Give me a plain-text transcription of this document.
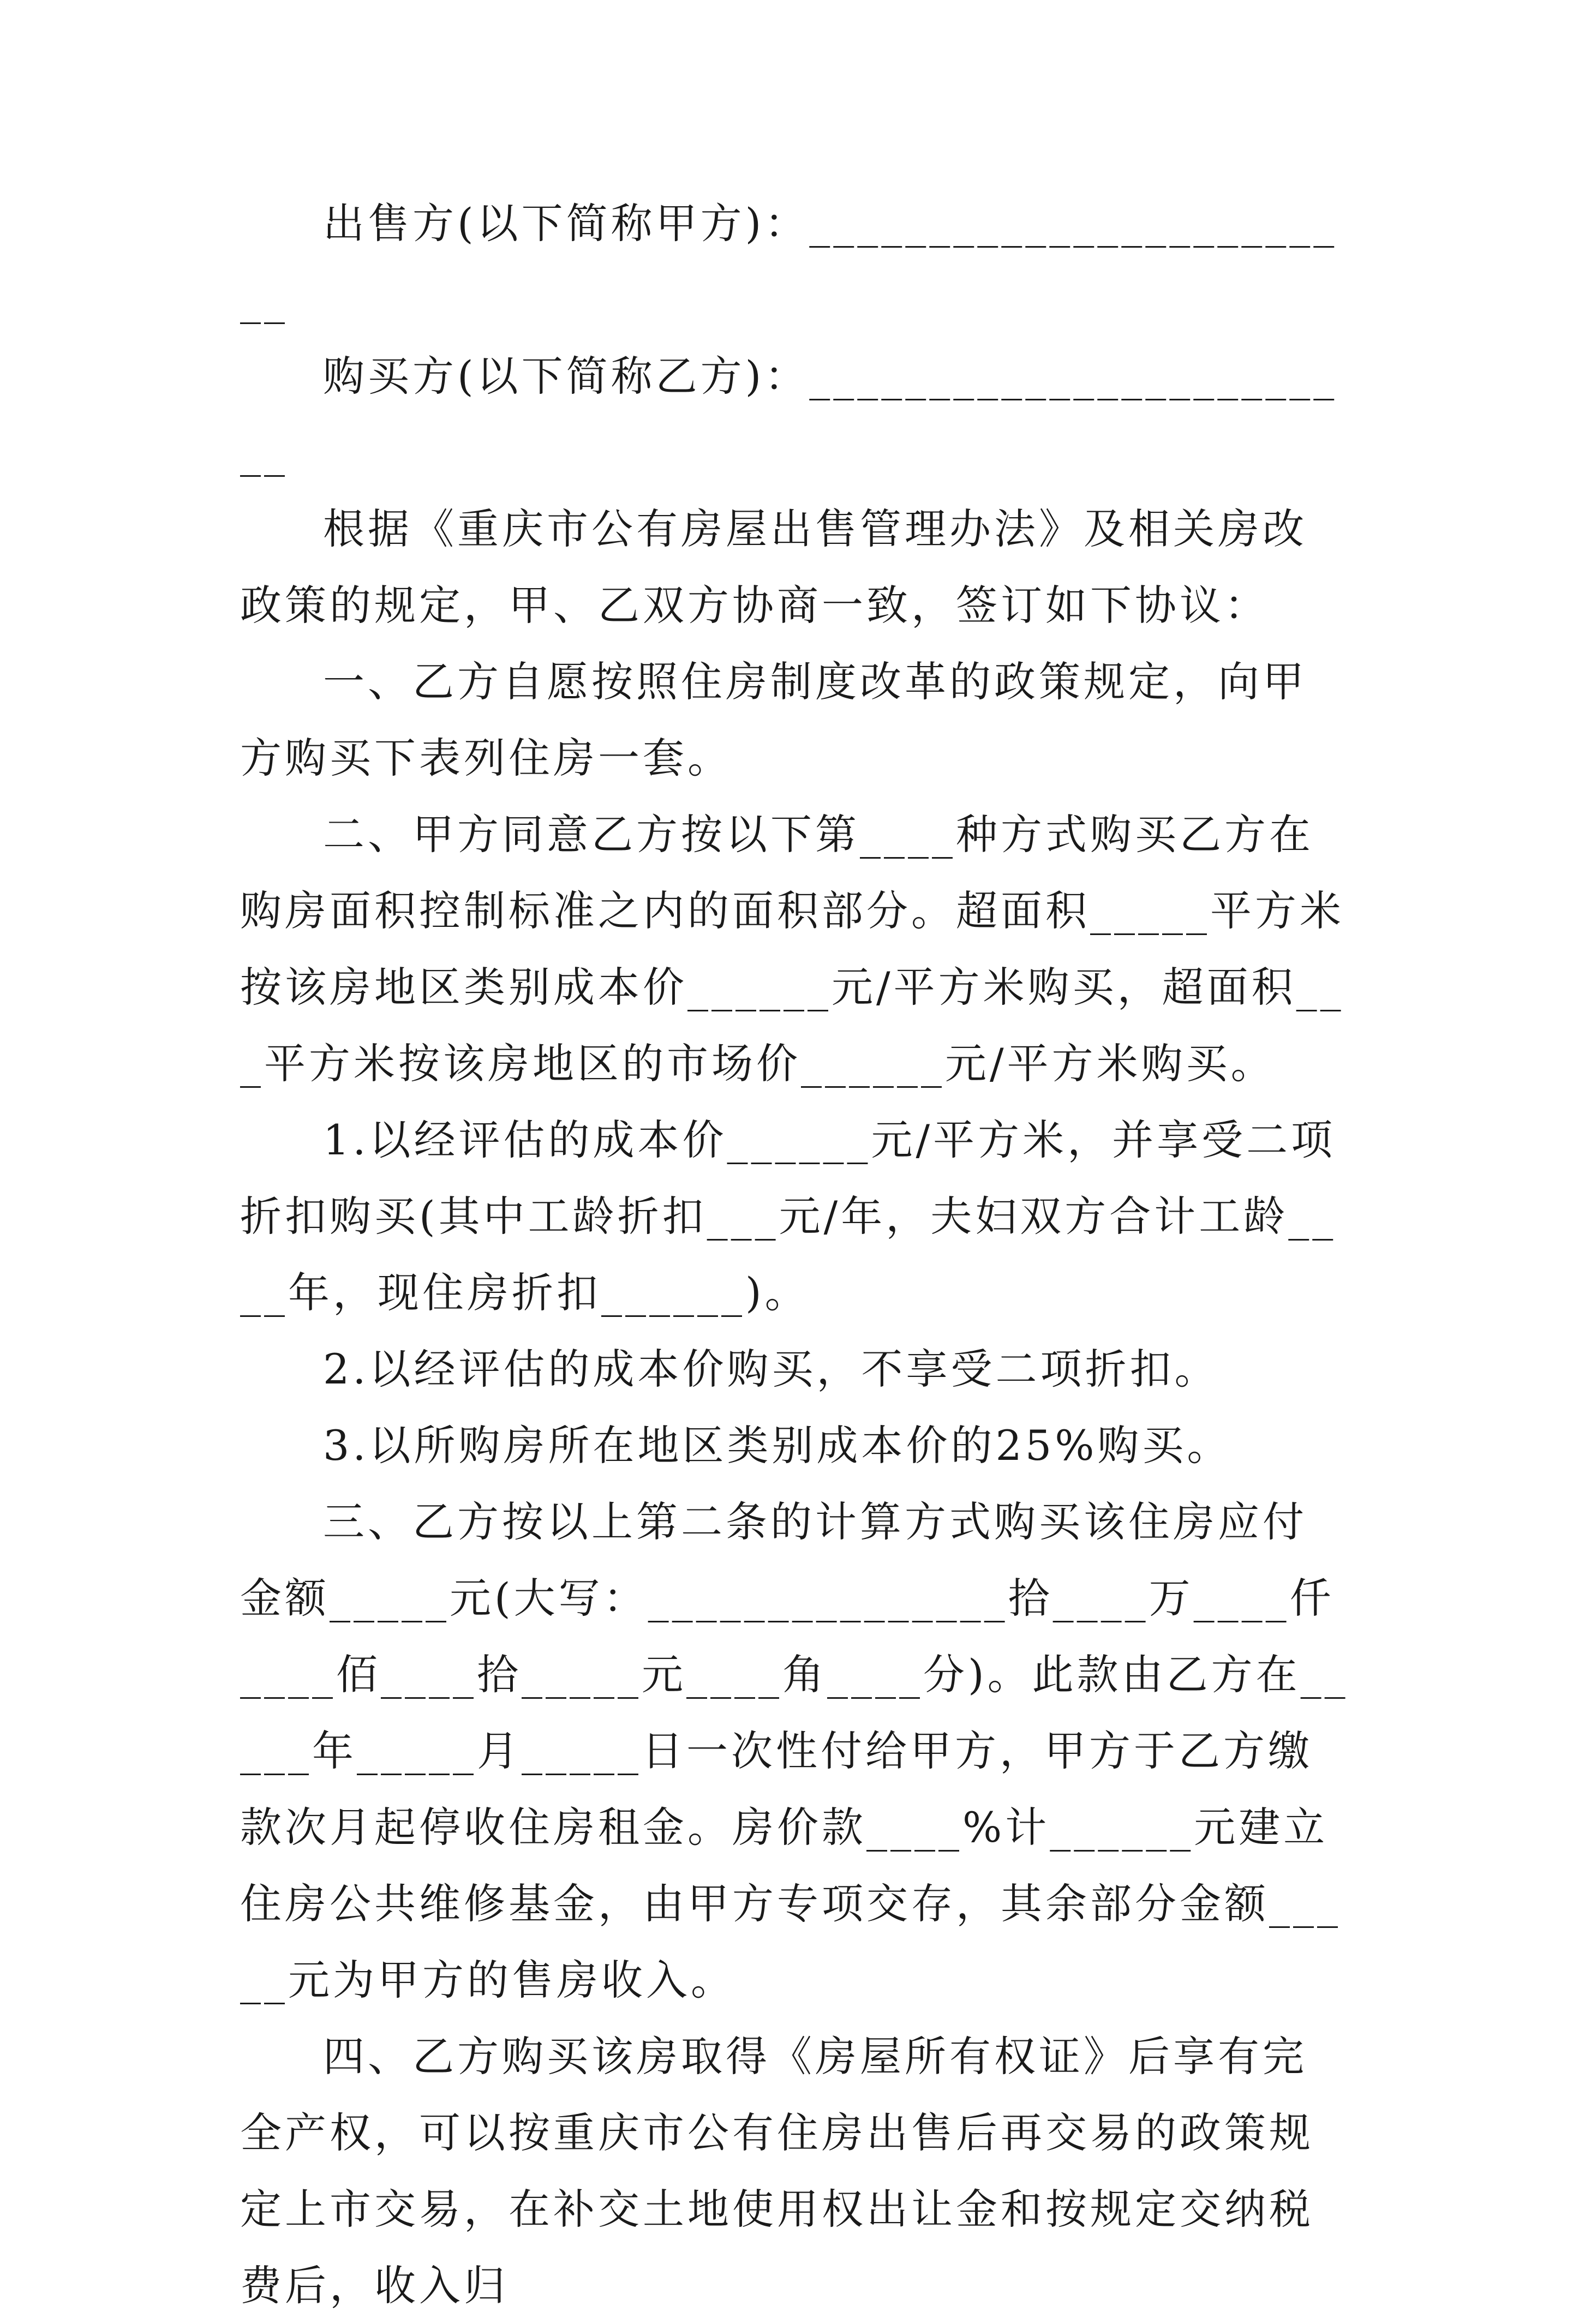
出售方(以下简称甲方)：________________________

购买方(以下简称乙方)：________________________

根据《重庆市公有房屋出售管理办法》及相关房改政策的规定，甲、乙双方协商一致，签订如下协议：

一、乙方自愿按照住房制度改革的政策规定，向甲方购买下表列住房一套。

二、甲方同意乙方按以下第____种方式购买乙方在购房面积控制标准之内的面积部分。超面积_____平方米按该房地区类别成本价______元/平方米购买，超面积___平方米按该房地区的市场价______元/平方米购买。

1.以经评估的成本价______元/平方米，并享受二项折扣购买(其中工龄折扣___元/年，夫妇双方合计工龄____年，现住房折扣______)。

2.以经评估的成本价购买，不享受二项折扣。

3.以所购房所在地区类别成本价的25%购买。

三、乙方按以上第二条的计算方式购买该住房应付金额_____元(大写：_______________拾____万____仟____佰____拾_____元____角____分)。此款由乙方在_____年_____月_____日一次性付给甲方，甲方于乙方缴款次月起停收住房租金。房价款____%计______元建立住房公共维修基金，由甲方专项交存，其余部分金额_____元为甲方的售房收入。

四、乙方购买该房取得《房屋所有权证》后享有完全产权，可以按重庆市公有住房出售后再交易的政策规定上市交易，在补交土地使用权出让金和按规定交纳税费后，收入归
